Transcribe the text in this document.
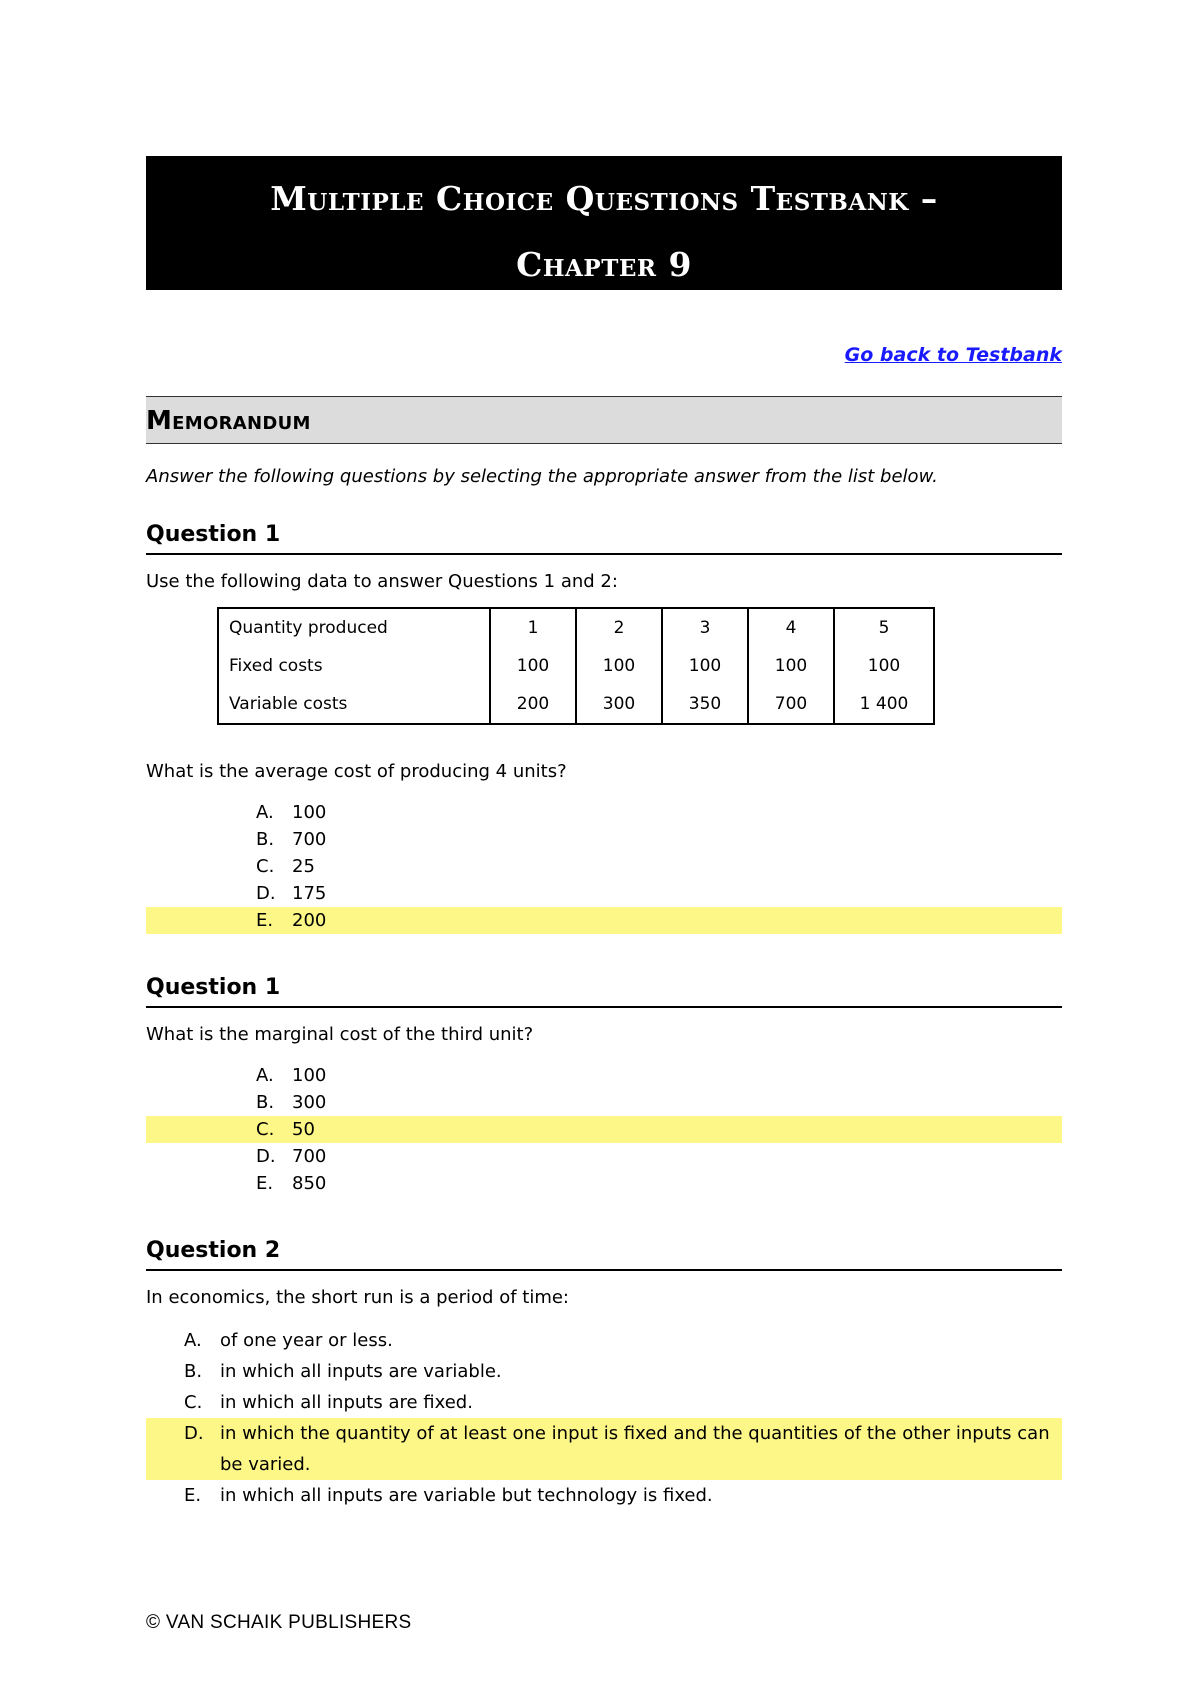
Multiple Choice Questions Testbank –
Chapter 9
Go back to Testbank
Memorandum
Answer the following questions by selecting the appropriate answer from the list below.
Question 1
Use the following data to answer Questions 1 and 2:
Quantity produced	1	2	3	4	5
Fixed costs	100	100	100	100	100
Variable costs	200	300	350	700	1 400
What is the average cost of producing 4 units?
A. 100
B. 700
C. 25
D. 175
E. 200
Question 1
What is the marginal cost of the third unit?
A. 100
B. 300
C. 50
D. 700
E. 850
Question 2
In economics, the short run is a period of time:
A.	of one year or less.
B. in which all inputs are variable.
C. in which all inputs are fixed.
D. in which the quantity of at least one input is fixed and the quantities of the other inputs can be varied.
E.	in which all inputs are variable but technology is fixed.
© VAN SCHAIK PUBLISHERS
